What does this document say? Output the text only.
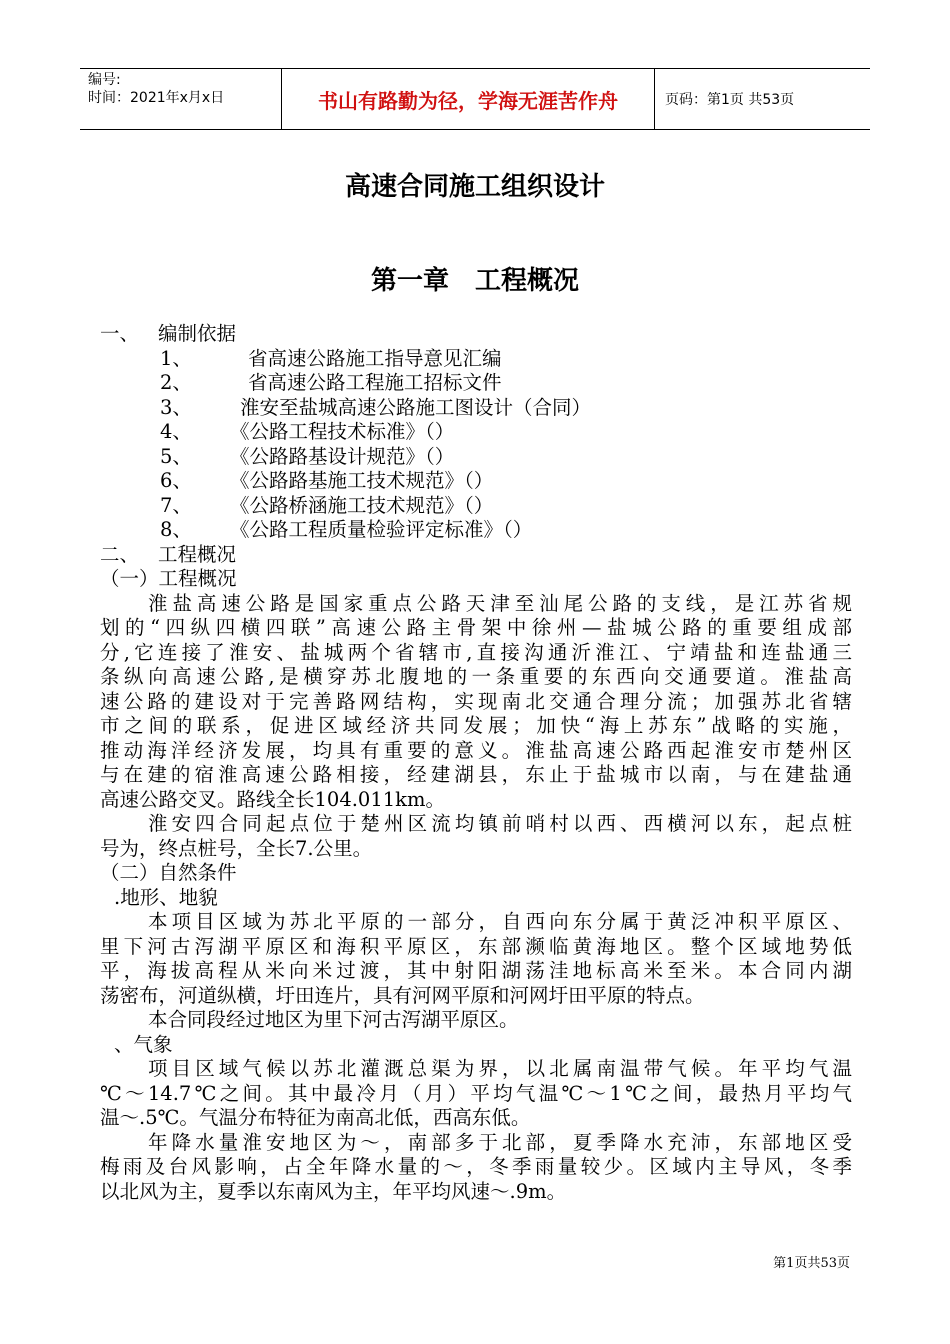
编号:
时间：2021年x月x日	书山有路勤为径，学海无涯苦作舟	页码：第1页 共53页
高速合同施工组织设计
第一章　工程概况
一、 编制依据
1、	省高速公路施工指导意见汇编
2、	省高速公路工程施工招标文件
3、 淮安至盐城高速公路施工图设计（合同）
4、 《公路工程技术标准》（）
5、 《公路路基设计规范》（）
6、 《公路路基施工技术规范》（）
7、 《公路桥涵施工技术规范》（）
8、 《公路工程质量检验评定标准》（）
二、 工程概况
（一）工程概况
淮盐高速公路是国家重点公路天津至汕尾公路的支线，是江苏省规
划的“四纵四横四联”高速公路主骨架中徐州—盐城公路的重要组成部
分,它连接了淮安、盐城两个省辖市,直接沟通沂淮江、宁靖盐和连盐通三
条纵向高速公路,是横穿苏北腹地的一条重要的东西向交通要道。淮盐高
速公路的建设对于完善路网结构，实现南北交通合理分流；加强苏北省辖
市之间的联系，促进区域经济共同发展；加快“海上苏东”战略的实施，
推动海洋经济发展，均具有重要的意义。淮盐高速公路西起淮安市楚州区
与在建的宿淮高速公路相接，经建湖县，东止于盐城市以南，与在建盐通
高速公路交叉。路线全长104.011km。
淮安四合同起点位于楚州区流均镇前哨村以西、西横河以东，起点桩
号为，终点桩号，全长7.公里。
（二）自然条件
.地形、地貌
本项目区域为苏北平原的一部分，自西向东分属于黄泛冲积平原区、
里下河古泻湖平原区和海积平原区，东部濒临黄海地区。整个区域地势低
平，海拔高程从米向米过渡，其中射阳湖荡洼地标高米至米。本合同内湖
荡密布，河道纵横，圩田连片，具有河网平原和河网圩田平原的特点。
本合同段经过地区为里下河古泻湖平原区。
、气象
项目区域气候以苏北灌溉总渠为界，以北属南温带气候。年平均气温
℃～14.7℃之间。其中最冷月（月）平均气温℃～1℃之间，最热月平均气
温～.5℃。气温分布特征为南高北低，西高东低。
年降水量淮安地区为～，南部多于北部，夏季降水充沛，东部地区受
梅雨及台风影响，占全年降水量的～，冬季雨量较少。区域内主导风，冬季
以北风为主，夏季以东南风为主，年平均风速～.9m。
第1页共53页
